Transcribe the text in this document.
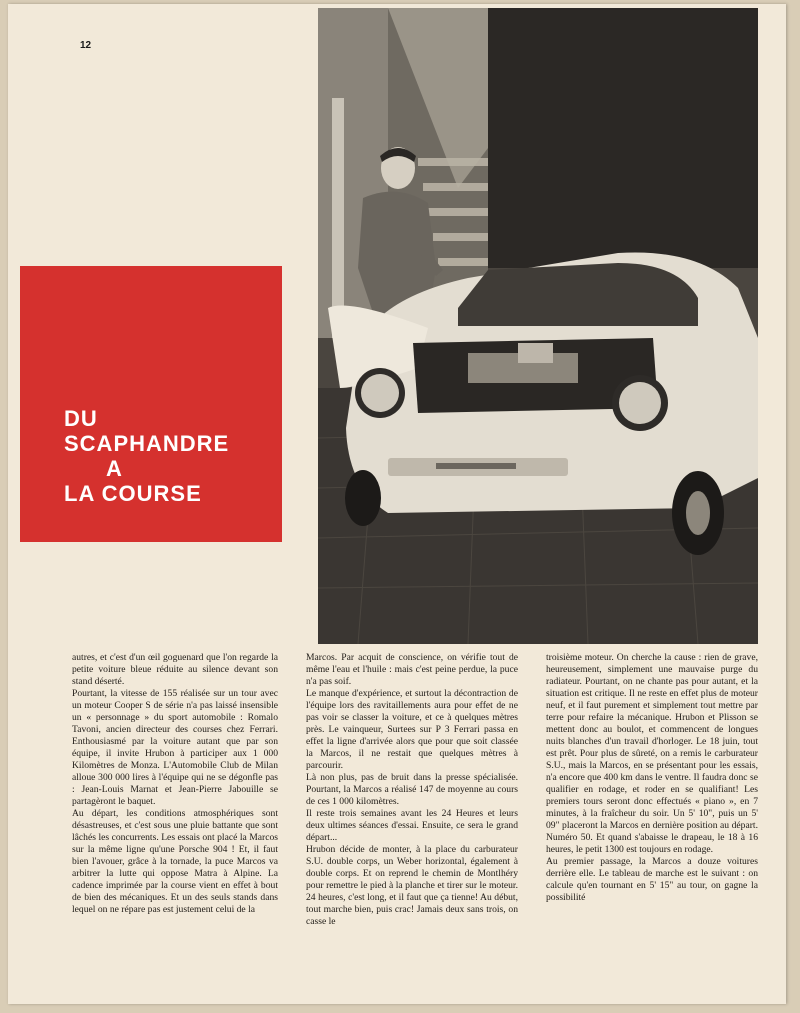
12
DU
SCAPHANDRE
A
LA COURSE

autres, et c'est d'un œil goguenard que l'on regarde la petite voiture bleue réduite au silence devant son stand déserté.

Pourtant, la vitesse de 155 réalisée sur un tour avec un moteur Cooper S de série n'a pas laissé insensible un « personnage » du sport automobile : Romalo Tavoni, ancien directeur des courses chez Ferrari. Enthousiasmé par la voiture autant que par son équipe, il invite Hrubon à participer aux 1 000 Kilomètres de Monza. L'Automobile Club de Milan alloue 300 000 lires à l'équipe qui ne se dégonfle pas : Jean-Louis Marnat et Jean-Pierre Jabouille se partagèront le baquet.

Au départ, les conditions atmosphériques sont désastreuses, et c'est sous une pluie battante que sont lâchés les concurrents. Les essais ont placé la Marcos sur la même ligne qu'une Porsche 904 ! Et, il faut bien l'avouer, grâce à la tornade, la puce Marcos va arbitrer la lutte qui oppose Matra à Alpine. La cadence imprimée par la course vient en effet à bout de bien des mécaniques. Et un des seuls stands dans lequel on ne répare pas est justement celui de la

Marcos. Par acquit de conscience, on vérifie tout de même l'eau et l'huile : mais c'est peine perdue, la puce n'a pas soif.

Le manque d'expérience, et surtout la décontraction de l'équipe lors des ravitaillements aura pour effet de ne pas voir se classer la voiture, et ce à quelques mètres près. Le vainqueur, Surtees sur P 3 Ferrari passa en effet la ligne d'arrivée alors que pour que soit classée la Marcos, il ne restait que quelques mètres à parcourir.

Là non plus, pas de bruit dans la presse spécialisée. Pourtant, la Marcos a réalisé 147 de moyenne au cours de ces 1 000 kilomètres.

Il reste trois semaines avant les 24 Heures et leurs deux ultimes séances d'essai. Ensuite, ce sera le grand départ...

Hrubon décide de monter, à la place du carburateur S.U. double corps, un Weber horizontal, également à double corps. Et on reprend le chemin de Montlhéry pour remettre le pied à la planche et tirer sur le moteur. 24 heures, c'est long, et il faut que ça tienne! Au début, tout marche bien, puis crac! Jamais deux sans trois, on casse le

troisième moteur. On cherche la cause : rien de grave, heureusement, simplement une mauvaise purge du radiateur. Pourtant, on ne chante pas pour autant, et la situation est critique. Il ne reste en effet plus de moteur neuf, et il faut purement et simplement tout mettre par terre pour refaire la mécanique. Hrubon et Plisson se mettent donc au boulot, et commencent de longues nuits blanches d'un travail d'horloger. Le 18 juin, tout est prêt. Pour plus de sûreté, on a remis le carburateur S.U., mais la Marcos, en se présentant pour les essais, n'a encore que 400 km dans le ventre. Il faudra donc se qualifier en rodage, et roder en se qualifiant! Les premiers tours seront donc effectués « piano », en 7 minutes, à la fraîcheur du soir. Un 5' 10", puis un 5' 09" placeront la Marcos en dernière position au départ. Numéro 50. Et quand s'abaisse le drapeau, le 18 à 16 heures, le petit 1300 est toujours en rodage.

Au premier passage, la Marcos a douze voitures derrière elle. Le tableau de marche est le suivant : on calcule qu'en tournant en 5' 15" au tour, on gagne la possibilité
